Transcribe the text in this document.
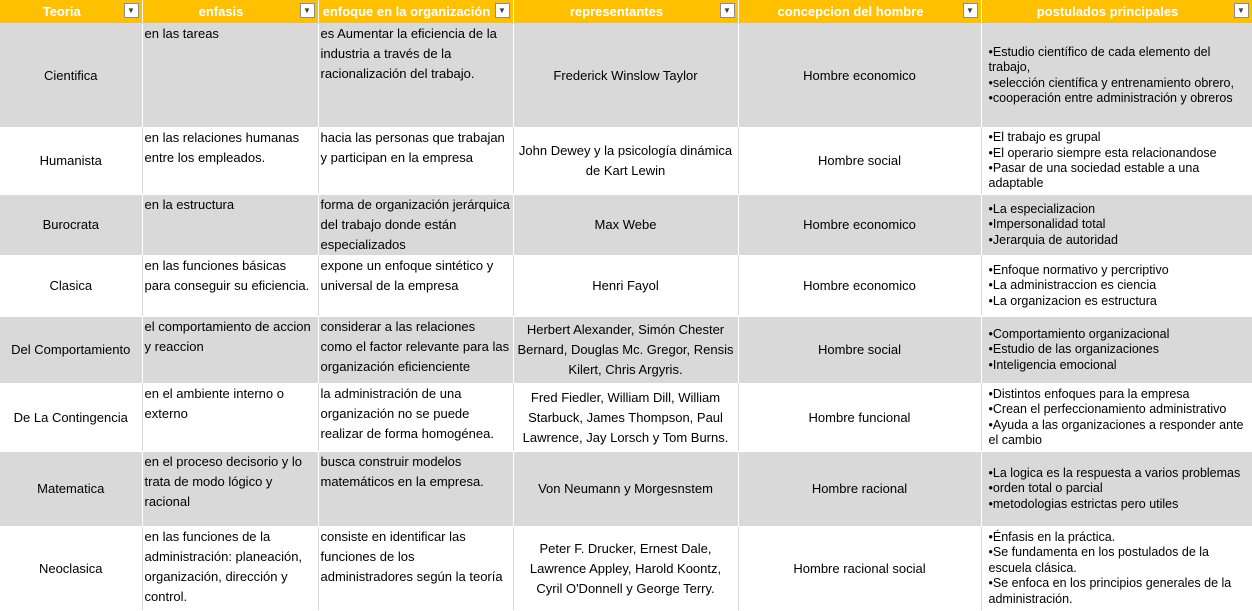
Teoria ▼	enfasis ▼	enfoque en la organización ▼	representantes ▼	concepcion del hombre ▼	postulados principales ▼

Cientifica	en las tareas	es Aumentar la eficiencia de la industria a través de la racionalización del trabajo.	Frederick Winslow Taylor	Hombre economico	•Estudio científico de cada elemento del trabajo,
•selección científica y entrenamiento obrero,
•cooperación entre administración y obreros

Humanista	en las relaciones humanas entre los empleados.	hacia las personas que trabajan y participan en la empresa	John Dewey y la psicología dinámica de Kart Lewin	Hombre social	•El trabajo es grupal
•El operario siempre esta relacionandose
•Pasar de una sociedad estable a una adaptable

Burocrata	en la estructura	forma de organización jerárquica del trabajo donde están especializados	Max Webe	Hombre economico	•La especializacion
•Impersonalidad total
•Jerarquia de autoridad

Clasica	en las funciones básicas para conseguir su eficiencia.	expone un enfoque sintético y universal de la empresa	Henri Fayol	Hombre economico	•Enfoque normativo y percriptivo
•La administraccion es ciencia
•La organizacion es estructura

Del Comportamiento	el comportamiento de accion y reaccion	considerar a las relaciones como el factor relevante para las organización eficienciente	Herbert Alexander, Simón Chester Bernard, Douglas Mc. Gregor, Rensis Kilert, Chris Argyris.	Hombre social	•Comportamiento organizacional
•Estudio de las organizaciones
•Inteligencia emocional

De La Contingencia	en el ambiente interno o externo	la administración de una organización no se puede realizar de forma homogénea.	Fred Fiedler, William Dill, William Starbuck, James Thompson, Paul Lawrence, Jay Lorsch y Tom Burns.	Hombre funcional	•Distintos enfoques para la empresa
•Crean el perfeccionamiento administrativo
•Ayuda a las organizaciones a responder ante el cambio

Matematica	en el proceso decisorio y lo trata de modo lógico y racional	busca construir modelos matemáticos en la empresa.	Von Neumann y Morgesnstem	Hombre racional	•La logica es la respuesta a varios problemas
•orden total o parcial
•metodologias estrictas pero utiles

Neoclasica	en las funciones de la administración: planeación, organización, dirección y control.	consiste en identificar las funciones de los administradores según la teoría	Peter F. Drucker, Ernest Dale, Lawrence Appley, Harold Koontz, Cyril O'Donnell y George Terry.	Hombre racional social	•Énfasis en la práctica.
•Se fundamenta en los postulados de la escuela clásica.
•Se enfoca en los principios generales de la administración.
